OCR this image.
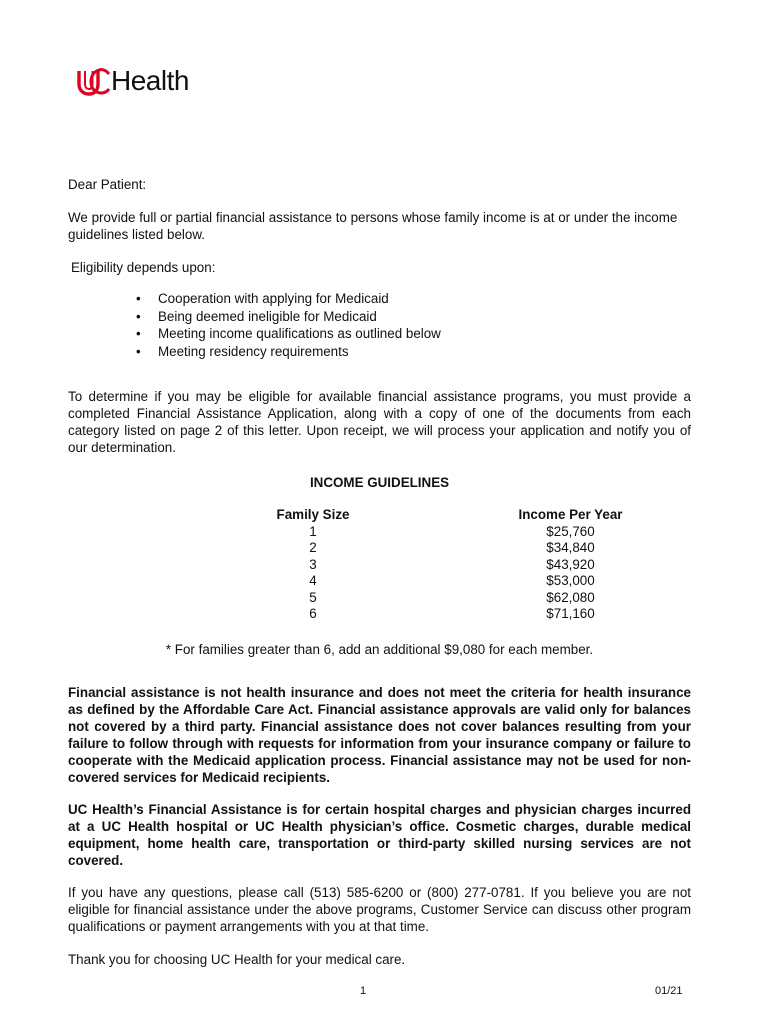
Health

Dear Patient:

We provide full or partial financial assistance to persons whose family income is at or under the income guidelines listed below.

Eligibility depends upon:

• Cooperation with applying for Medicaid
• Being deemed ineligible for Medicaid
• Meeting income qualifications as outlined below
• Meeting residency requirements

To determine if you may be eligible for available financial assistance programs, you must provide a completed Financial Assistance Application, along with a copy of one of the documents from each category listed on page 2 of this letter. Upon receipt, we will process your application and notify you of our determination.

INCOME GUIDELINES

Family Size	Income Per Year
1	$25,760
2	$34,840
3	$43,920
4	$53,000
5	$62,080
6	$71,160

* For families greater than 6, add an additional $9,080 for each member.

Financial assistance is not health insurance and does not meet the criteria for health insurance as defined by the Affordable Care Act. Financial assistance approvals are valid only for balances not covered by a third party. Financial assistance does not cover balances resulting from your failure to follow through with requests for information from your insurance company or failure to cooperate with the Medicaid application process. Financial assistance may not be used for non-covered services for Medicaid recipients.

UC Health’s Financial Assistance is for certain hospital charges and physician charges incurred at a UC Health hospital or UC Health physician’s office. Cosmetic charges, durable medical equipment, home health care, transportation or third-party skilled nursing services are not covered.

If you have any questions, please call (513) 585-6200 or (800) 277-0781. If you believe you are not eligible for financial assistance under the above programs, Customer Service can discuss other program qualifications or payment arrangements with you at that time.

Thank you for choosing UC Health for your medical care.

1	01/21
